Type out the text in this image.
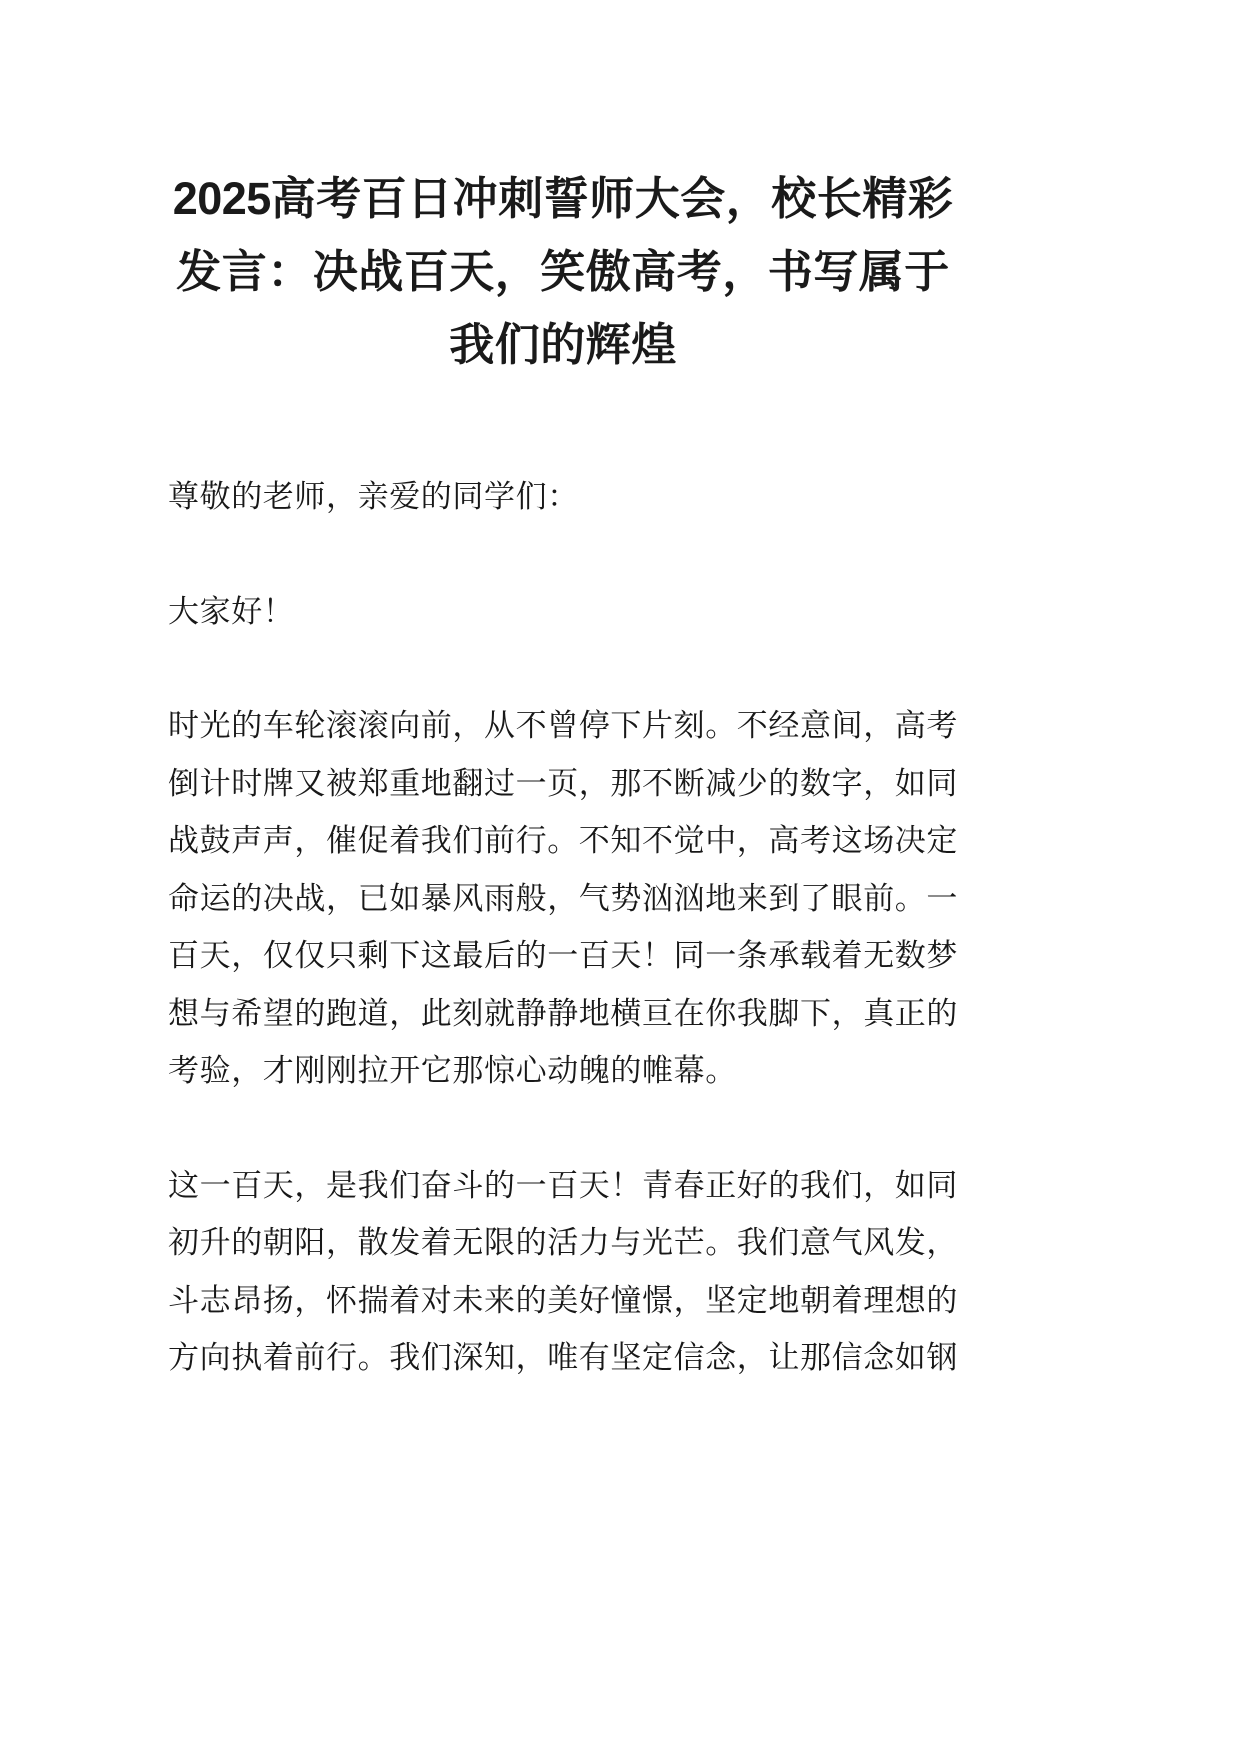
2025高考百日冲刺誓师大会，校长精彩发言：决战百天，笑傲高考，书写属于我们的辉煌

尊敬的老师，亲爱的同学们：

大家好！

时光的车轮滚滚向前，从不曾停下片刻。不经意间，高考倒计时牌又被郑重地翻过一页，那不断减少的数字，如同战鼓声声，催促着我们前行。不知不觉中，高考这场决定命运的决战，已如暴风雨般，气势汹汹地来到了眼前。一百天，仅仅只剩下这最后的一百天！同一条承载着无数梦想与希望的跑道，此刻就静静地横亘在你我脚下，真正的考验，才刚刚拉开它那惊心动魄的帷幕。

这一百天，是我们奋斗的一百天！青春正好的我们，如同初升的朝阳，散发着无限的活力与光芒。我们意气风发，斗志昂扬，怀揣着对未来的美好憧憬，坚定地朝着理想的方向执着前行。我们深知，唯有坚定信念，让那信念如钢
